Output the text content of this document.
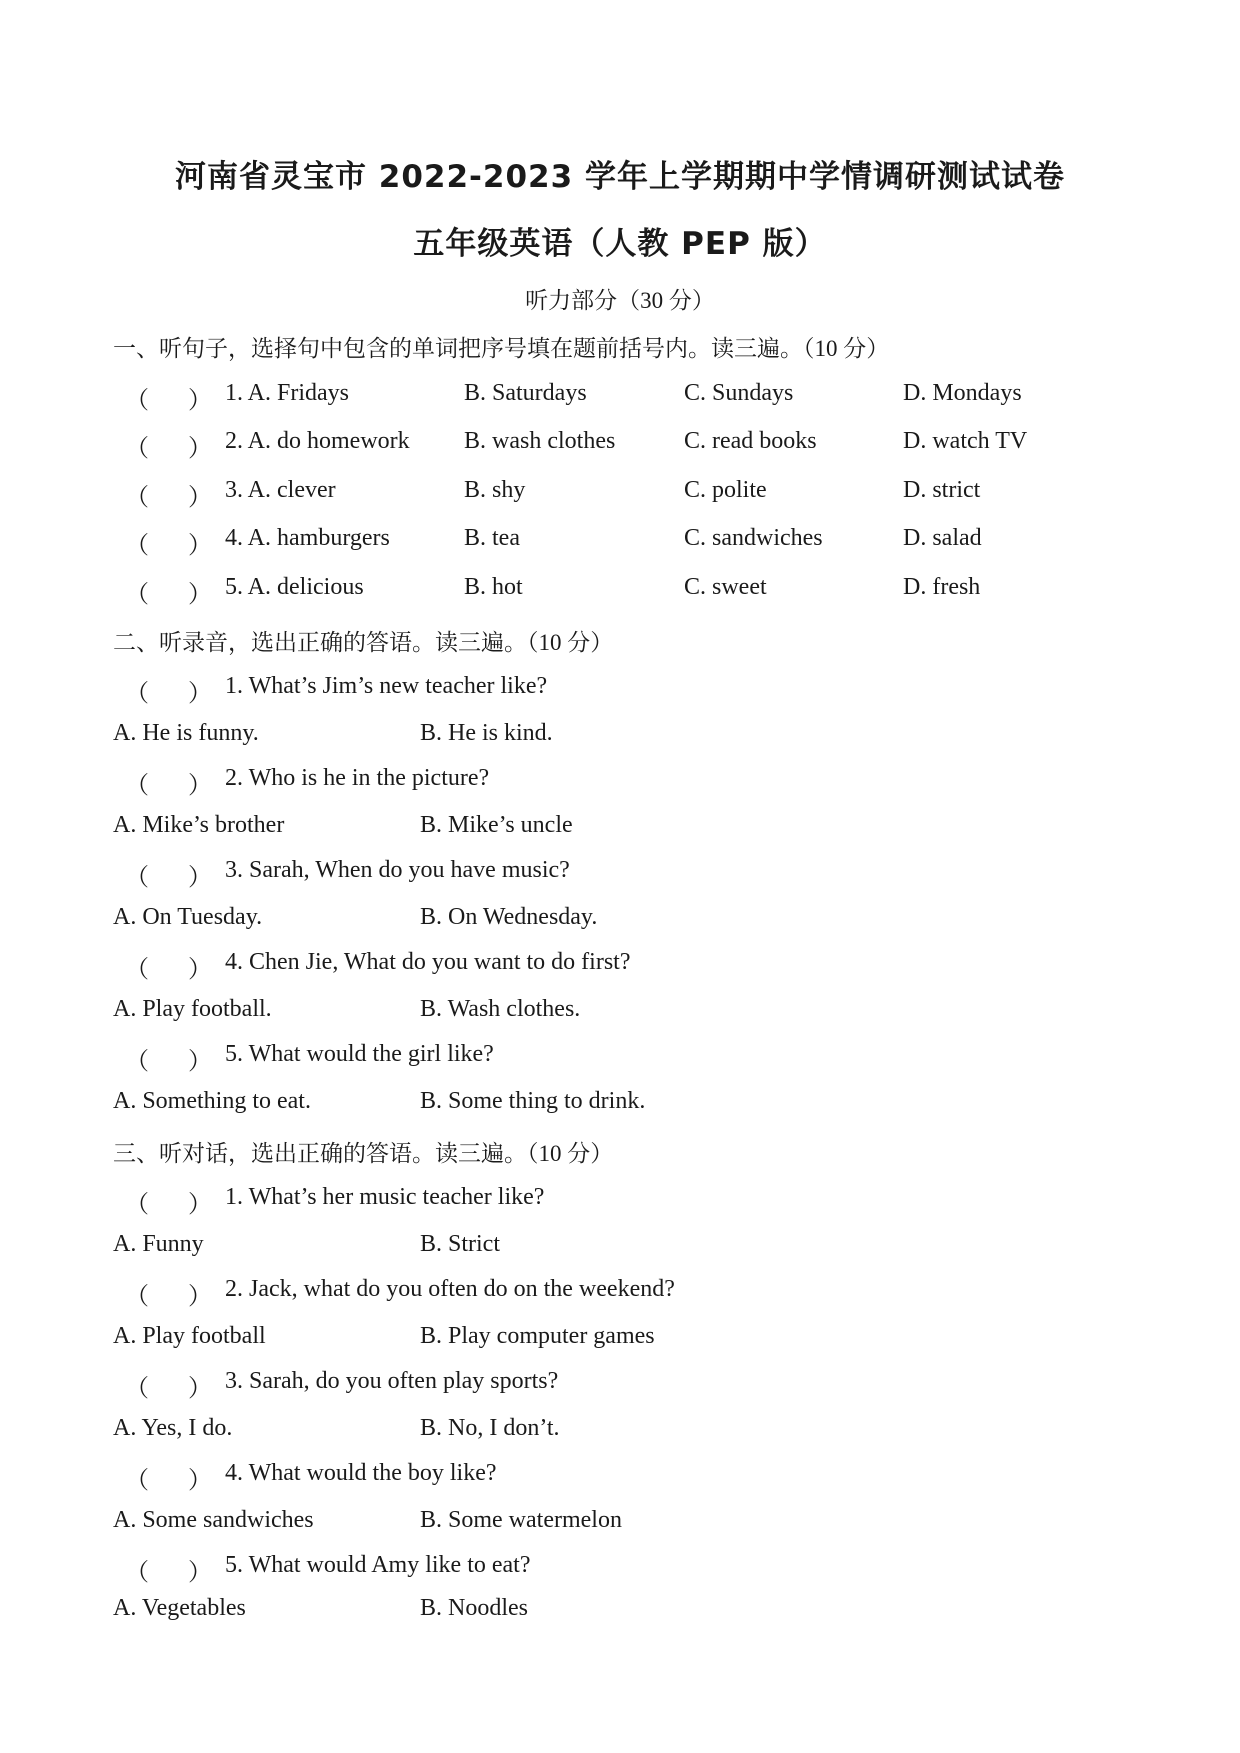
河南省灵宝市 2022-2023 学年上学期期中学情调研测试试卷
五年级英语（人教 PEP 版）
听力部分（30 分）
一、听句子，选择句中包含的单词把序号填在题前括号内。读三遍。（10 分）
（ ） 1. A. Fridays	B. Saturdays	C. Sundays	D. Mondays
（ ） 2. A. do homework B. wash clothes	C. read books	D. watch TV
（ ） 3. A. clever	B. shy	C. polite	D. strict
（ ） 4. A. hamburgers	B. tea	C. sandwiches	D. salad
（ ） 5. A. delicious	B. hot	C. sweet	D. fresh
二、听录音，选出正确的答语。读三遍。（10 分）
（ ） 1. What’s Jim’s new teacher like?
A. He is funny.	B. He is kind.
（ ） 2. Who is he in the picture?
A. Mike’s brother	B. Mike’s uncle
（ ） 3. Sarah, When do you have music?
A. On Tuesday.	B. On Wednesday.
（ ） 4. Chen Jie, What do you want to do first?
A. Play football.	B. Wash clothes.
（ ） 5. What would the girl like?
A. Something to eat.	B. Some thing to drink.
三、听对话，选出正确的答语。读三遍。（10 分）
（ ） 1. What’s her music teacher like?
A. Funny	B. Strict
（ ） 2. Jack, what do you often do on the weekend?
A. Play football	B. Play computer games
（ ） 3. Sarah, do you often play sports?
A. Yes, I do.	B. No, I don’t.
（ ） 4. What would the boy like?
A. Some sandwiches	B. Some watermelon
（ ） 5. What would Amy like to eat?
A. Vegetables	B. Noodles
